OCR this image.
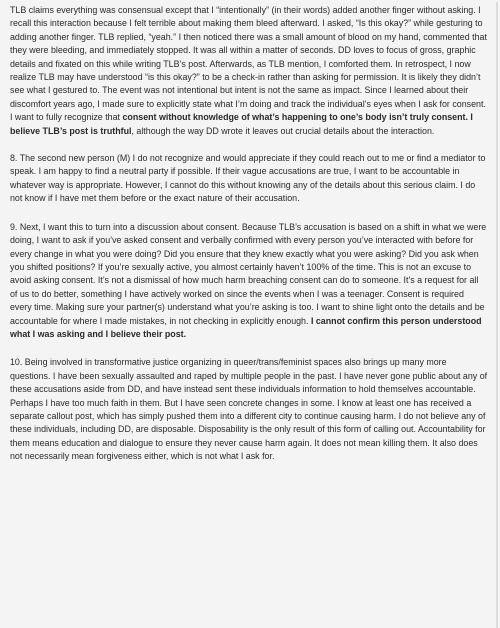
TLB claims everything was consensual except that I “intentionally” (in their words) added another finger without asking. I recall this interaction because I felt terrible about making them bleed afterward. I asked, “Is this okay?” while gesturing to adding another finger. TLB replied, “yeah.” I then noticed there was a small amount of blood on my hand, commented that they were bleeding, and immediately stopped. It was all within a matter of seconds. DD loves to focus of gross, graphic details and fixated on this while writing TLB’s post. Afterwards, as TLB mention, I comforted them. In retrospect, I now realize TLB may have understood “is this okay?” to be a check-in rather than asking for permission. It is likely they didn’t see what I gestured to. The event was not intentional but intent is not the same as impact. Since I learned about their discomfort years ago, I made sure to explicitly state what I’m doing and track the individual’s eyes when I ask for consent. I want to fully recognize that consent without knowledge of what’s happening to one’s body isn’t truly consent. I believe TLB’s post is truthful, although the way DD wrote it leaves out crucial details about the interaction.

8. The second new person (M) I do not recognize and would appreciate if they could reach out to me or find a mediator to speak. I am happy to find a neutral party if possible. If their vague accusations are true, I want to be accountable in whatever way is appropriate. However, I cannot do this without knowing any of the details about this serious claim. I do not know if I have met them before or the exact nature of their accusation.

9. Next, I want this to turn into a discussion about consent. Because TLB’s accusation is based on a shift in what we were doing, I want to ask if you’ve asked consent and verbally confirmed with every person you’ve interacted with before for every change in what you were doing? Did you ensure that they knew exactly what you were asking? Did you ask when you shifted positions? If you’re sexually active, you almost certainly haven’t 100% of the time. This is not an excuse to avoid asking consent. It’s not a dismissal of how much harm breaching consent can do to someone. It’s a request for all of us to do better, something I have actively worked on since the events when I was a teenager. Consent is required every time. Making sure your partner(s) understand what you’re asking is too. I want to shine light onto the details and be accountable for where I made mistakes, in not checking in explicitly enough. I cannot confirm this person understood what I was asking and I believe their post.

10. Being involved in transformative justice organizing in queer/trans/feminist spaces also brings up many more questions. I have been sexually assaulted and raped by multiple people in the past. I have never gone public about any of these accusations aside from DD, and have instead sent these individuals information to hold themselves accountable. Perhaps I have too much faith in them. But I have seen concrete changes in some. I know at least one has received a separate callout post, which has simply pushed them into a different city to continue causing harm. I do not believe any of these individuals, including DD, are disposable. Disposability is the only result of this form of calling out. Accountability for them means education and dialogue to ensure they never cause harm again. It does not mean killing them. It also does not necessarily mean forgiveness either, which is not what I ask for.
